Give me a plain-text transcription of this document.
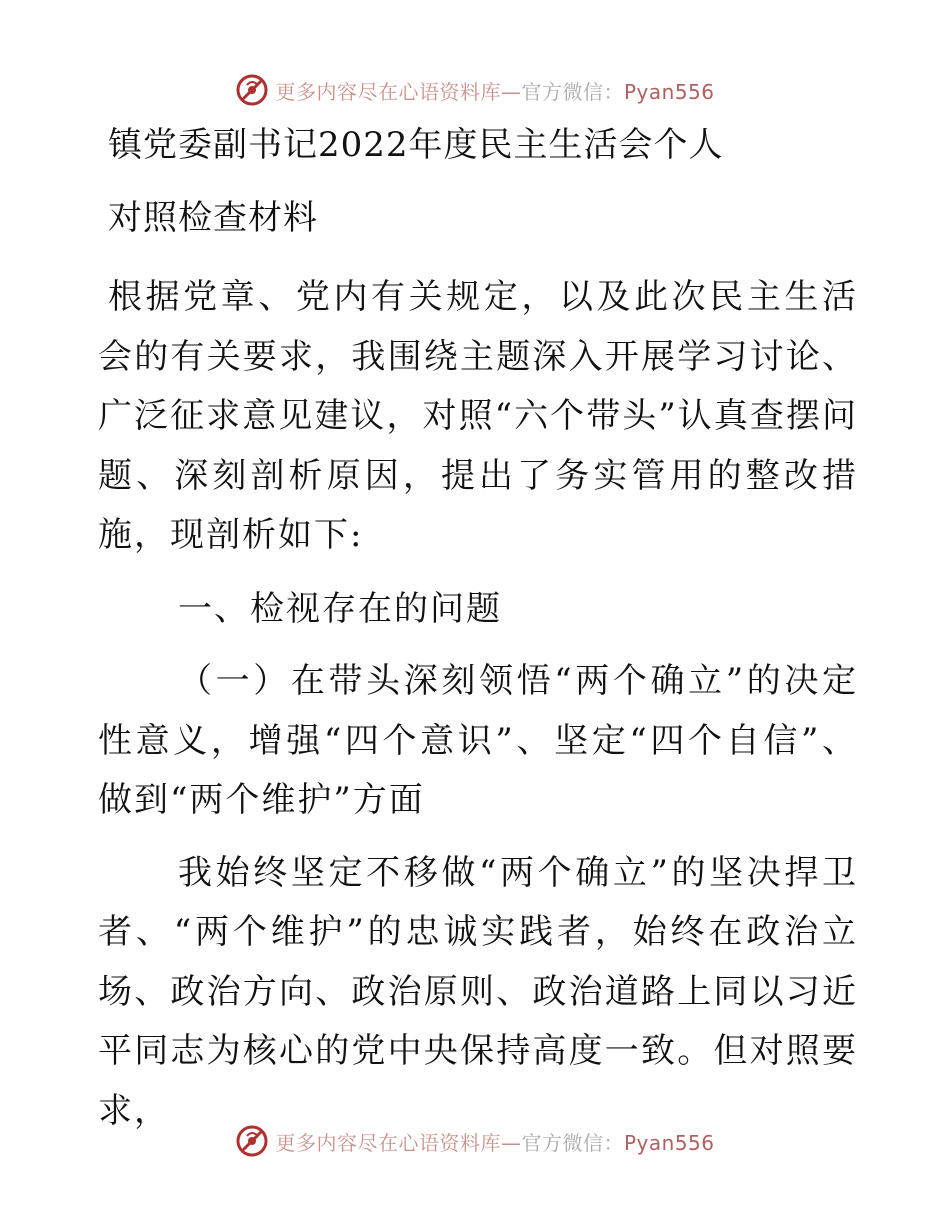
更多内容尽在心语资料库—官方微信：Pyan556

镇党委副书记2022年度民主生活会个人

对照检查材料

根据党章、党内有关规定，以及此次民主生活会的有关要求，我围绕主题深入开展学习讨论、广泛征求意见建议，对照“六个带头”认真查摆问题、深刻剖析原因，提出了务实管用的整改措施，现剖析如下:

一、检视存在的问题

（一）在带头深刻领悟“两个确立”的决定性意义，增强“四个意识”、坚定“四个自信”、做到“两个维护”方面

我始终坚定不移做“两个确立”的坚决捍卫者、“两个维护”的忠诚实践者，始终在政治立场、政治方向、政治原则、政治道路上同以习近平同志为核心的党中央保持高度一致。但对照要求，

更多内容尽在心语资料库—官方微信：Pyan556
